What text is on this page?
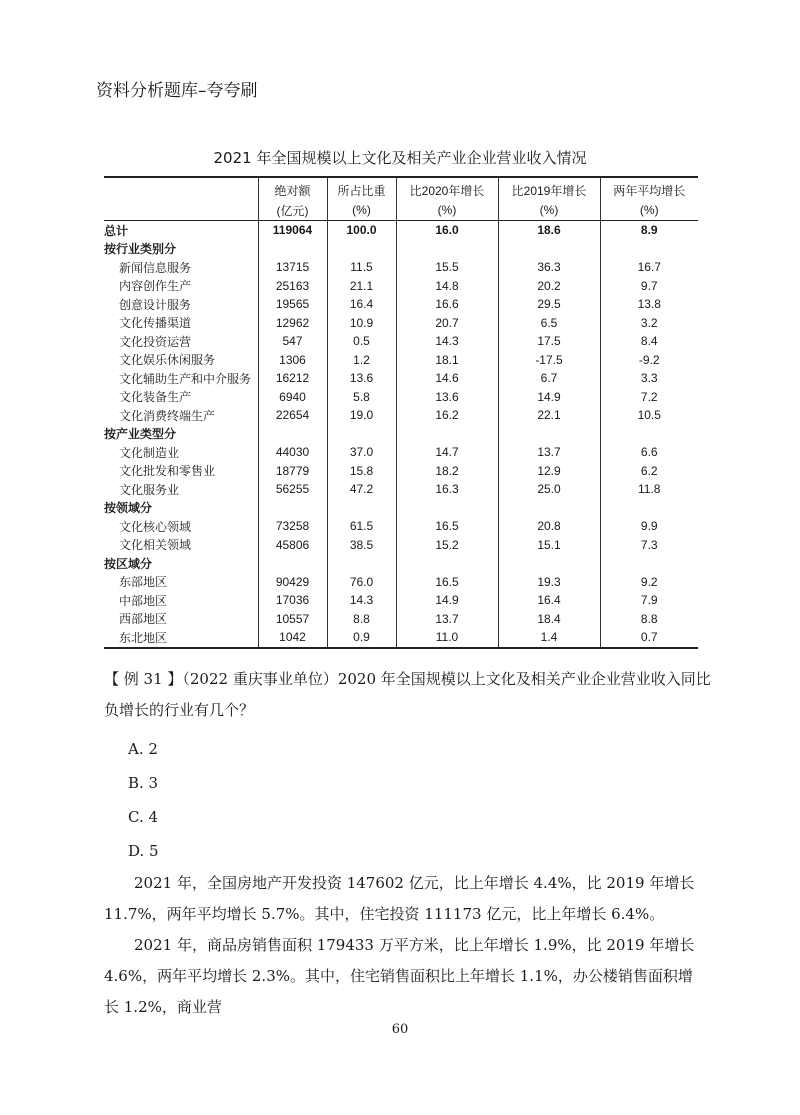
资料分析题库–夸夸刷
2021 年全国规模以上文化及相关产业企业营业收入情况
	绝对额	所占比重	比2020年增长	比2019年增长	两年平均增长
	(亿元)	(%)	(%)	(%)	(%)
总计	119064	100.0	16.0	18.6	8.9
按行业类别分					
新闻信息服务	13715	11.5	15.5	36.3	16.7
内容创作生产	25163	21.1	14.8	20.2	9.7
创意设计服务	19565	16.4	16.6	29.5	13.8
文化传播渠道	12962	10.9	20.7	6.5	3.2
文化投资运营	547	0.5	14.3	17.5	8.4
文化娱乐休闲服务	1306	1.2	18.1	-17.5	-9.2
文化辅助生产和中介服务	16212	13.6	14.6	6.7	3.3
文化装备生产	6940	5.8	13.6	14.9	7.2
文化消费终端生产	22654	19.0	16.2	22.1	10.5
按产业类型分					
文化制造业	44030	37.0	14.7	13.7	6.6
文化批发和零售业	18779	15.8	18.2	12.9	6.2
文化服务业	56255	47.2	16.3	25.0	11.8
按领域分					
文化核心领域	73258	61.5	16.5	20.8	9.9
文化相关领域	45806	38.5	15.2	15.1	7.3
按区域分					
东部地区	90429	76.0	16.5	19.3	9.2
中部地区	17036	14.3	14.9	16.4	7.9
西部地区	10557	8.8	13.7	18.4	8.8
东北地区	1042	0.9	11.0	1.4	0.7
【 例 31 】（2022 重庆事业单位）2020 年全国规模以上文化及相关产业企业营业收入同比
负增长的行业有几个？
A. 2
B. 3
C. 4
D. 5
2021 年，全国房地产开发投资 147602 亿元，比上年增长 4.4%，比 2019 年增长 11.7%，两年平均增长 5.7%。其中，住宅投资 111173 亿元，比上年增长 6.4%。
2021 年，商品房销售面积 179433 万平方米，比上年增长 1.9%，比 2019 年增长 4.6%，两年平均增长 2.3%。其中，住宅销售面积比上年增长 1.1%，办公楼销售面积增长 1.2%，商业营
60
